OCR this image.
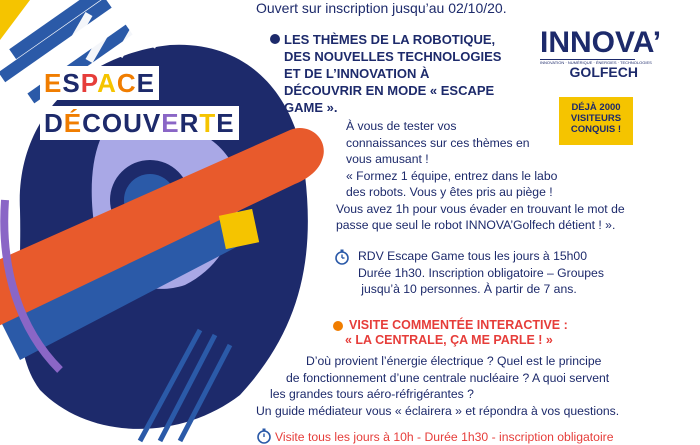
ESPACE
DÉCOUVERTE
Ouvert sur inscription jusqu’au 02/10/20.
LES THÈMES DE LA ROBOTIQUE,
DES NOUVELLES TECHNOLOGIES
ET DE L’INNOVATION À
DÉCOUVRIR EN MODE « ESCAPE
GAME ».
INNOVA’
INNOVATION · NUMÉRIQUE · ÉNERGIES · TECHNOLOGIES
GOLFECH
DÉJÀ 2000
VISITEURS
CONQUIS !
À vous de tester vos
connaissances sur ces thèmes en
vous amusant !
« Formez 1 équipe, entrez dans le labo
des robots. Vous y êtes pris au piège !
Vous avez 1h pour vous évader en trouvant le mot de
passe que seul le robot INNOVA’Golfech détient ! ».
RDV Escape Game tous les jours à 15h00
Durée 1h30. Inscription obligatoire – Groupes
jusqu’à 10 personnes. À partir de 7 ans.
VISITE COMMENTÉE INTERACTIVE :
« LA CENTRALE, ÇA ME PARLE ! »
D’où provient l’énergie électrique ? Quel est le principe
de fonctionnement d’une centrale nucléaire ? A quoi servent
les grandes tours aéro-réfrigérantes ?
Un guide médiateur vous « éclairera » et répondra à vos questions.
Visite tous les jours à 10h - Durée 1h30 - inscription obligatoire
